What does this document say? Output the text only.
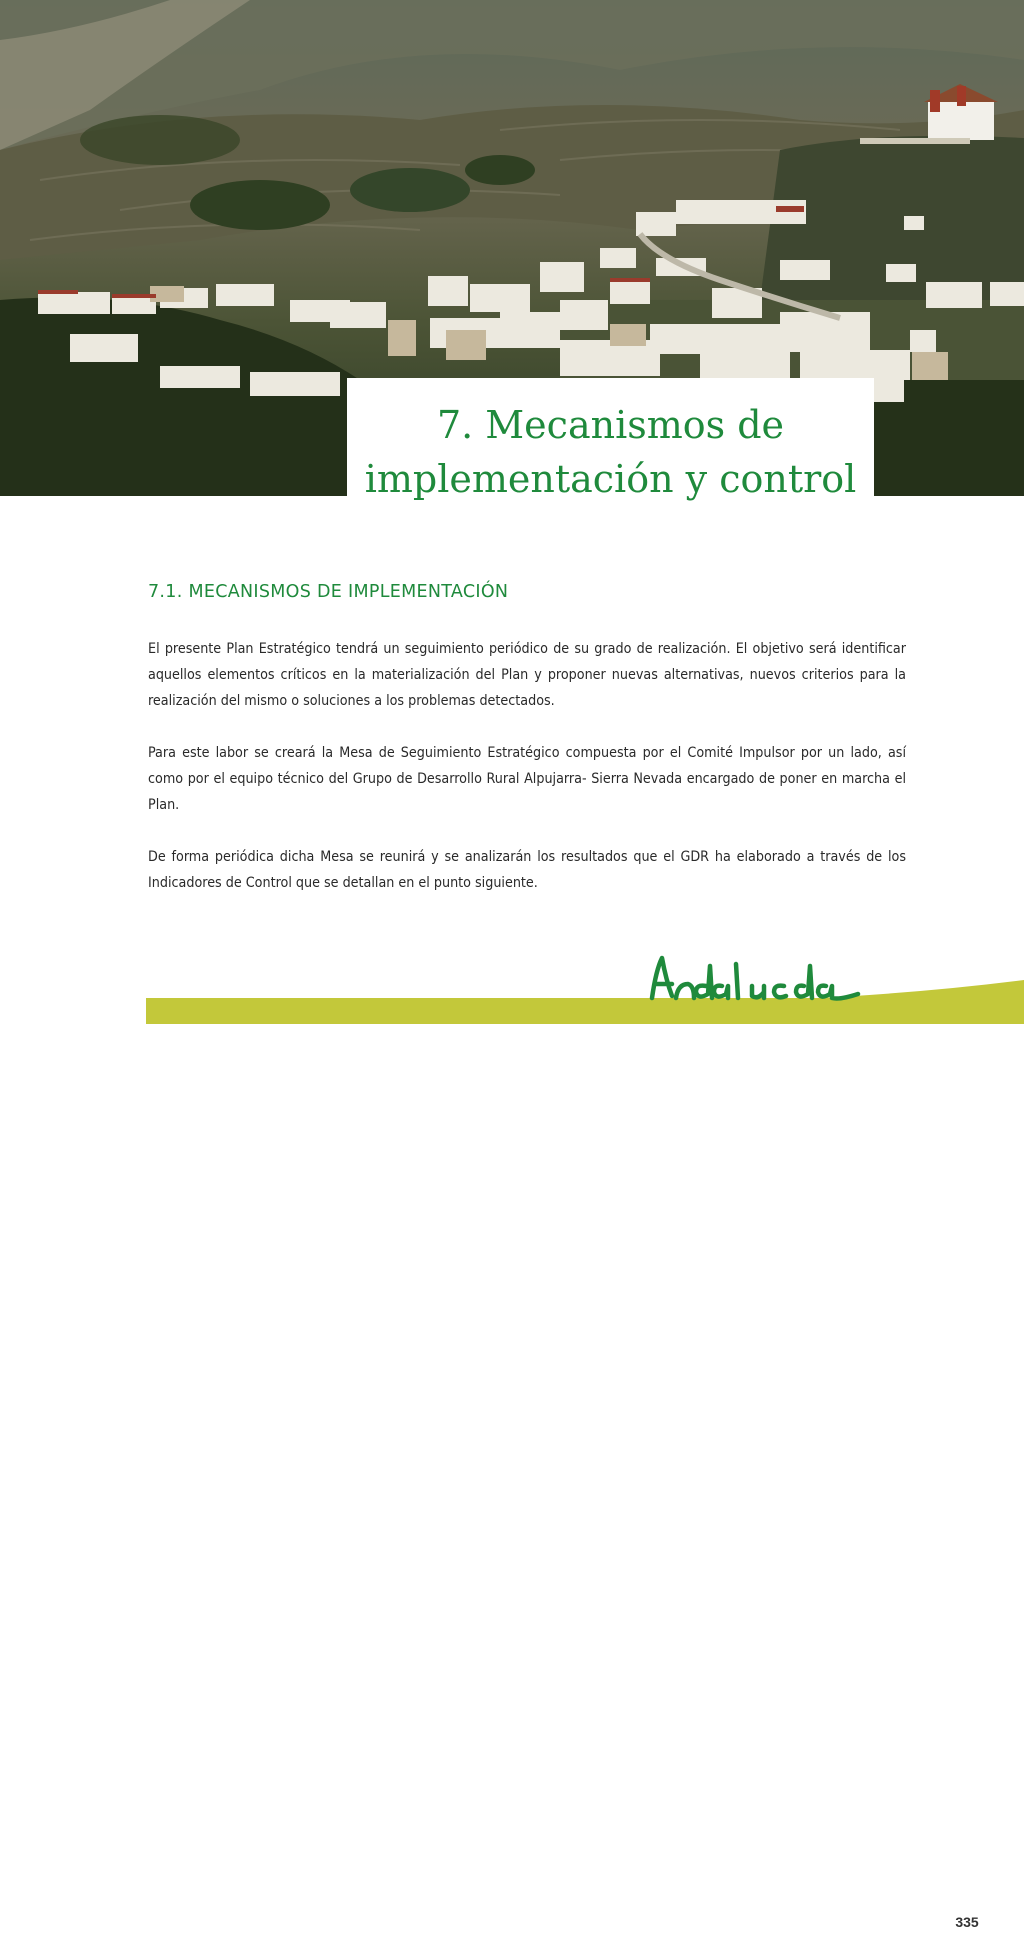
7. Mecanismos de
implementación y control
7.1. MECANISMOS DE IMPLEMENTACIÓN

El presente Plan Estratégico tendrá un seguimiento periódico de su grado de realización. El objetivo será identificar aquellos elementos críticos en la materialización del Plan y proponer nuevas alternativas, nuevos criterios para la realización del mismo o soluciones a los problemas detectados.

Para este labor se creará la Mesa de Seguimiento Estratégico compuesta por el Comité Impulsor por un lado, así como por el equipo técnico del Grupo de Desarrollo Rural Alpujarra- Sierra Nevada encargado de poner en marcha el Plan.

De forma periódica dicha Mesa se reunirá y se analizarán los resultados que el GDR ha elaborado a través de los Indicadores de Control que se detallan en el punto siguiente.

335
